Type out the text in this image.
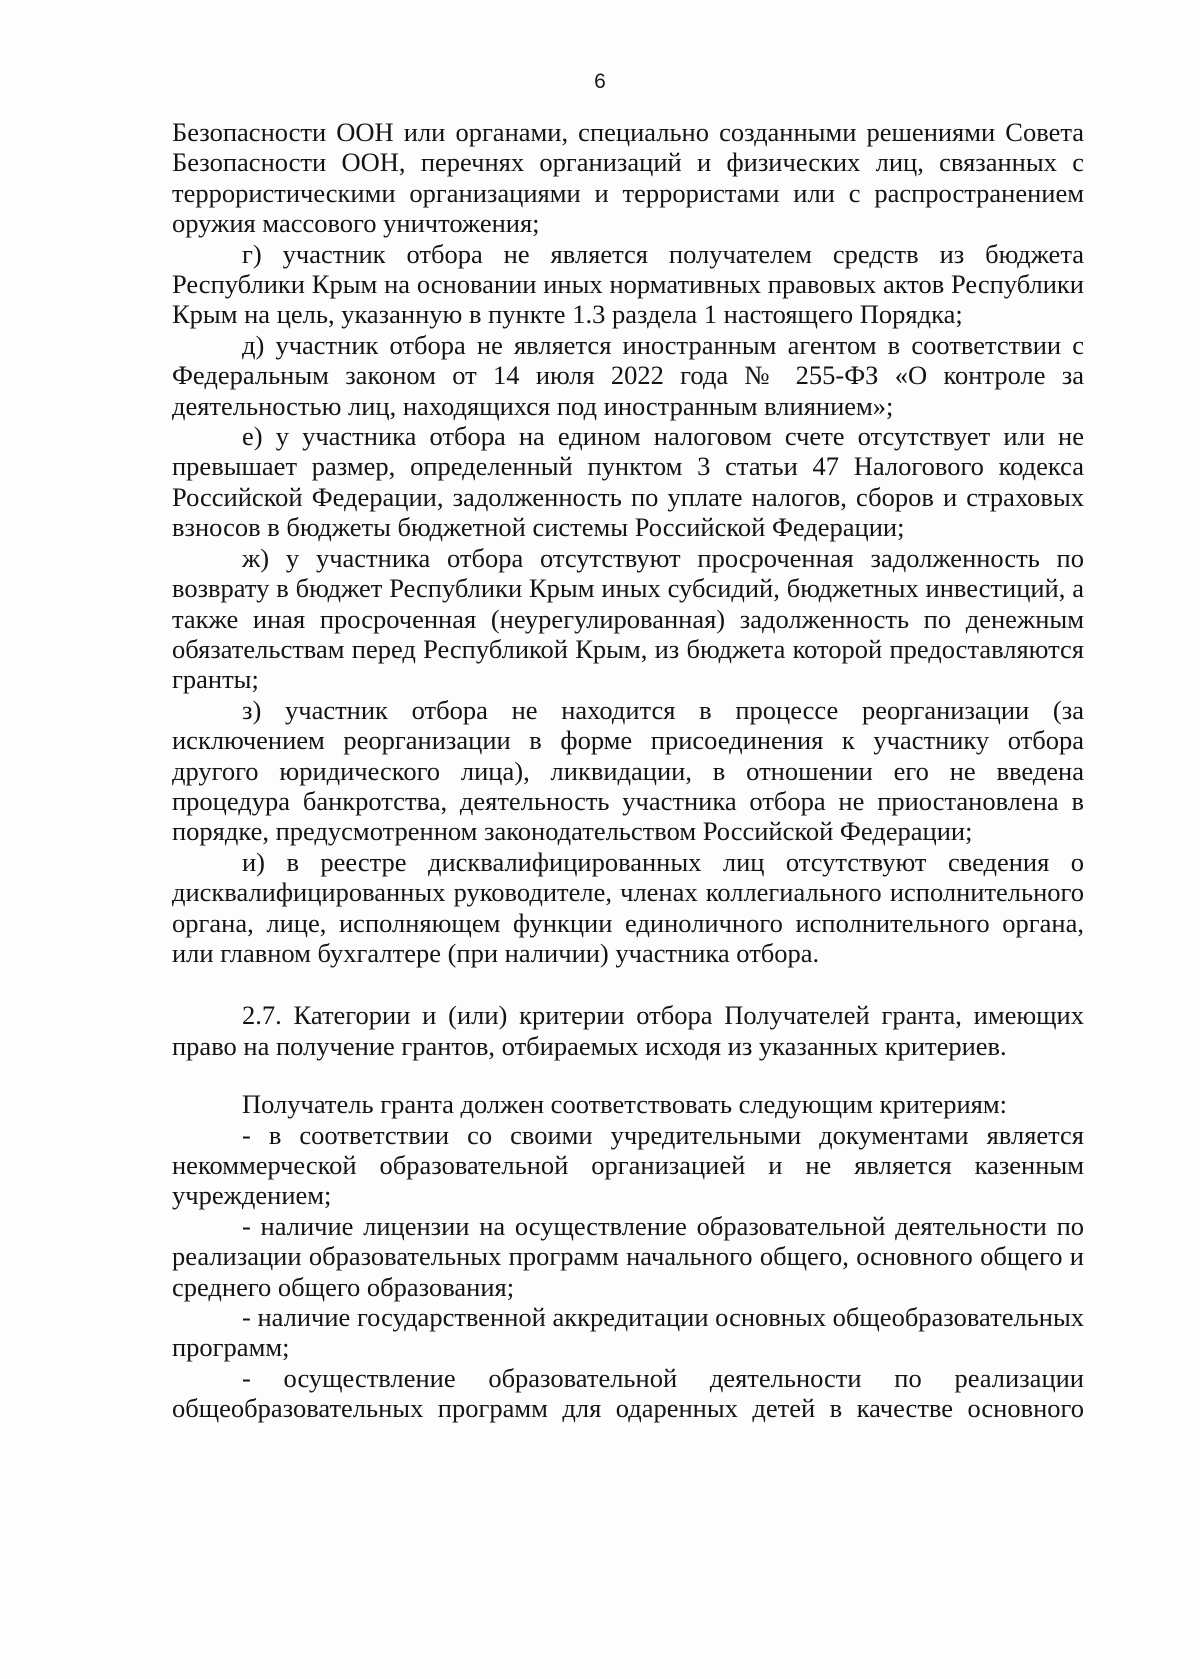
6

Безопасности ООН или органами, специально созданными решениями Совета Безопасности ООН, перечнях организаций и физических лиц, связанных с террористическими организациями и террористами или с распространением оружия массового уничтожения;

г) участник отбора не является получателем средств из бюджета Республики Крым на основании иных нормативных правовых актов Республики Крым на цель, указанную в пункте 1.3 раздела 1 настоящего Порядка;

д) участник отбора не является иностранным агентом в соответствии с Федеральным законом от 14 июля 2022 года № 255-ФЗ «О контроле за деятельностью лиц, находящихся под иностранным влиянием»;

е) у участника отбора на едином налоговом счете отсутствует или не превышает размер, определенный пунктом 3 статьи 47 Налогового кодекса Российской Федерации, задолженность по уплате налогов, сборов и страховых взносов в бюджеты бюджетной системы Российской Федерации;

ж) у участника отбора отсутствуют просроченная задолженность по возврату в бюджет Республики Крым иных субсидий, бюджетных инвестиций, а также иная просроченная (неурегулированная) задолженность по денежным обязательствам перед Республикой Крым, из бюджета которой предоставляются гранты;

з) участник отбора не находится в процессе реорганизации (за исключением реорганизации в форме присоединения к участнику отбора другого юридического лица), ликвидации, в отношении его не введена процедура банкротства, деятельность участника отбора не приостановлена в порядке, предусмотренном законодательством Российской Федерации;

и) в реестре дисквалифицированных лиц отсутствуют сведения о дисквалифицированных руководителе, членах коллегиального исполнительного органа, лице, исполняющем функции единоличного исполнительного органа, или главном бухгалтере (при наличии) участника отбора.

2.7. Категории и (или) критерии отбора Получателей гранта, имеющих право на получение грантов, отбираемых исходя из указанных критериев.

Получатель гранта должен соответствовать следующим критериям:

- в соответствии со своими учредительными документами является некоммерческой образовательной организацией и не является казенным учреждением;

- наличие лицензии на осуществление образовательной деятельности по реализации образовательных программ начального общего, основного общего и среднего общего образования;

- наличие государственной аккредитации основных общеобразовательных программ;

- осуществление образовательной деятельности по реализации общеобразовательных программ для одаренных детей в качестве основного
